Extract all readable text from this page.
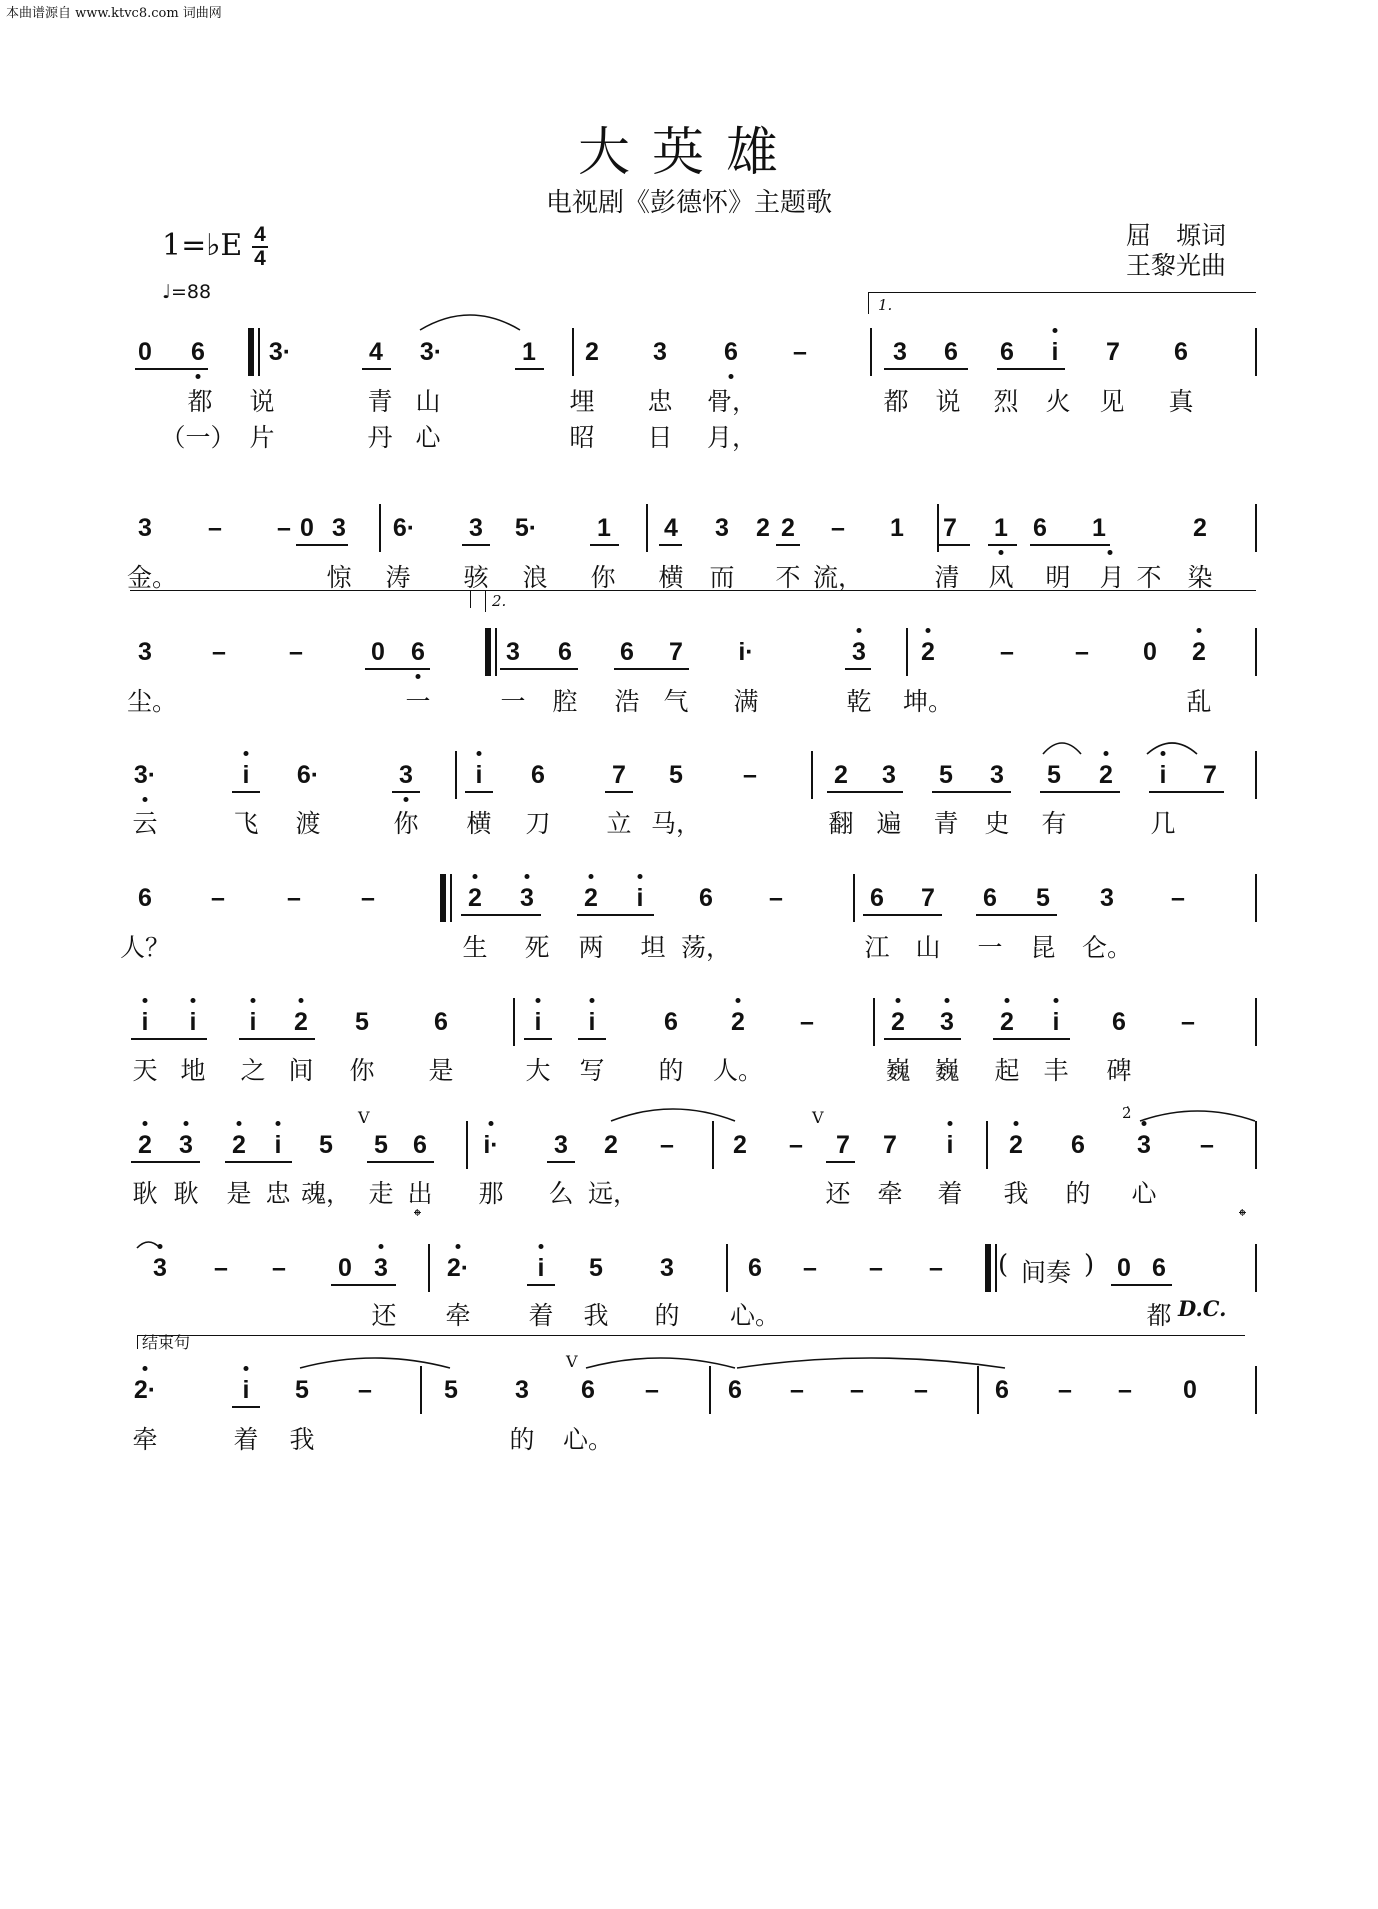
本曲谱源自 www.ktvc8.com 词曲网
大英雄
电视剧《彭德怀》主题歌
屈　塬词
王黎光曲
1=♭E 4
4
♩=88
0 6	3·	4 3·	1 2 3 6 –	3 6 6 i 7 6
都 说	青 山	埋 忠 骨，	都 说 烈 火 见 真
（一） 片	丹 心	昭 日 月，
3 – – 0 3 6· 3 5· 1 4 3 2 2 – 1 7 1 6 1	2
金。	惊 涛 骇 浪 你 横 而 不 流，	清 风 明 月 不 染
3 –	–	0 6	3 6 6 7 i·	3 2	– – 0 2
尘。	一	一 腔 浩 气 满	乾 坤。	乱
3·	i 6·	3	i 6	7 5 –	2 3 5 3 5 2 i 7
云	飞 渡	你 横 刀 立 马，	翻 遍 青 史 有	几
6 – – –	2 3 2 i 6 –	6 7 6 5 3 –
人？	生 死 两 坦 荡，	江 山 一 昆 仑。
i i i 2 5	6	i i	6 2 –	2 3 2 i 6 –
天 地 之 间 你 是	大 写 的 人。	巍 巍 起 丰 碑
2 3 2 i 5 5 6 i· 3 2 – 2 – 7 7 i 2 6 3 –
耿 耿 是 忠 魂， 走 出 那 么 远，	还 牵 着 我 的 心
3 – – 0 3 2·	i 5 3	6 – – –	0 6
还 牵 着 我 的 心。	都
2·	i 5 –	5 3 6 –	6 – – –	6 – – 0
牵	着 我	的 心。
1.
2.
结束句
𝄌	𝄌
( 间奏 )
D.C.
V	V
V
2̇
